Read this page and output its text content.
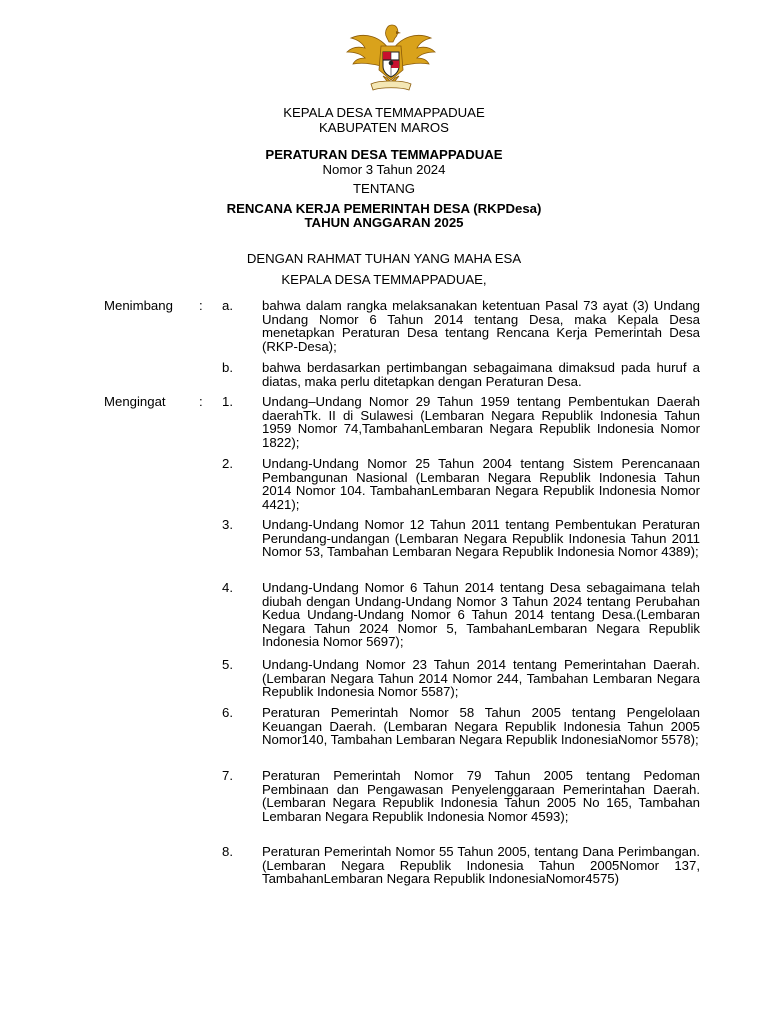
KEPALA DESA TEMMAPPADUAE
KABUPATEN MAROS
PERATURAN DESA TEMMAPPADUAE
Nomor 3 Tahun 2024
TENTANG
RENCANA KERJA PEMERINTAH DESA (RKPDesa)
TAHUN ANGGARAN 2025
DENGAN RAHMAT TUHAN YANG MAHA ESA
KEPALA DESA TEMMAPPADUAE,
Menimbang : a. bahwa dalam rangka melaksanakan ketentuan Pasal 73 ayat (3) Undang Undang Nomor 6 Tahun 2014 tentang Desa, maka Kepala Desa menetapkan Peraturan Desa tentang Rencana Kerja Pemerintah Desa (RKP-Desa);
b. bahwa berdasarkan pertimbangan sebagaimana dimaksud pada huruf a diatas, maka perlu ditetapkan dengan Peraturan Desa.
Mengingat	: 1. Undang–Undang Nomor 29 Tahun 1959 tentang Pembentukan Daerah daerahTk. II di Sulawesi (Lembaran Negara Republik Indonesia Tahun 1959 Nomor 74,TambahanLembaran Negara Republik Indonesia Nomor 1822);
2. Undang-Undang Nomor 25 Tahun 2004 tentang Sistem Perencanaan Pembangunan Nasional (Lembaran Negara Republik Indonesia Tahun 2014 Nomor 104. TambahanLembaran Negara Republik Indonesia Nomor 4421);
3. Undang-Undang Nomor 12 Tahun 2011 tentang Pembentukan Peraturan Perundang-undangan (Lembaran Negara Republik Indonesia Tahun 2011 Nomor 53, Tambahan Lembaran Negara Republik Indonesia Nomor 4389);
4. Undang-Undang Nomor 6 Tahun 2014 tentang Desa sebagaimana telah diubah dengan Undang-Undang Nomor 3 Tahun 2024 tentang Perubahan Kedua Undang-Undang Nomor 6 Tahun 2014 tentang Desa.(Lembaran Negara Tahun 2024 Nomor 5, TambahanLembaran Negara Republik Indonesia Nomor 5697);
5. Undang-Undang Nomor 23 Tahun 2014 tentang Pemerintahan Daerah.(Lembaran Negara Tahun 2014 Nomor 244, Tambahan Lembaran Negara Republik Indonesia Nomor 5587);
6. Peraturan Pemerintah Nomor 58 Tahun 2005 tentang Pengelolaan Keuangan Daerah. (Lembaran Negara Republik Indonesia Tahun 2005 Nomor140, Tambahan Lembaran Negara Republik IndonesiaNomor 5578);
7. Peraturan Pemerintah Nomor 79 Tahun 2005 tentang Pedoman Pembinaan dan Pengawasan Penyelenggaraan Pemerintahan Daerah. (Lembaran Negara Republik Indonesia Tahun 2005 No 165, Tambahan Lembaran Negara Republik Indonesia Nomor 4593);
8. Peraturan Pemerintah Nomor 55 Tahun 2005, tentang Dana Perimbangan. (Lembaran Negara Republik Indonesia Tahun 2005Nomor 137, TambahanLembaran Negara Republik IndonesiaNomor4575)
